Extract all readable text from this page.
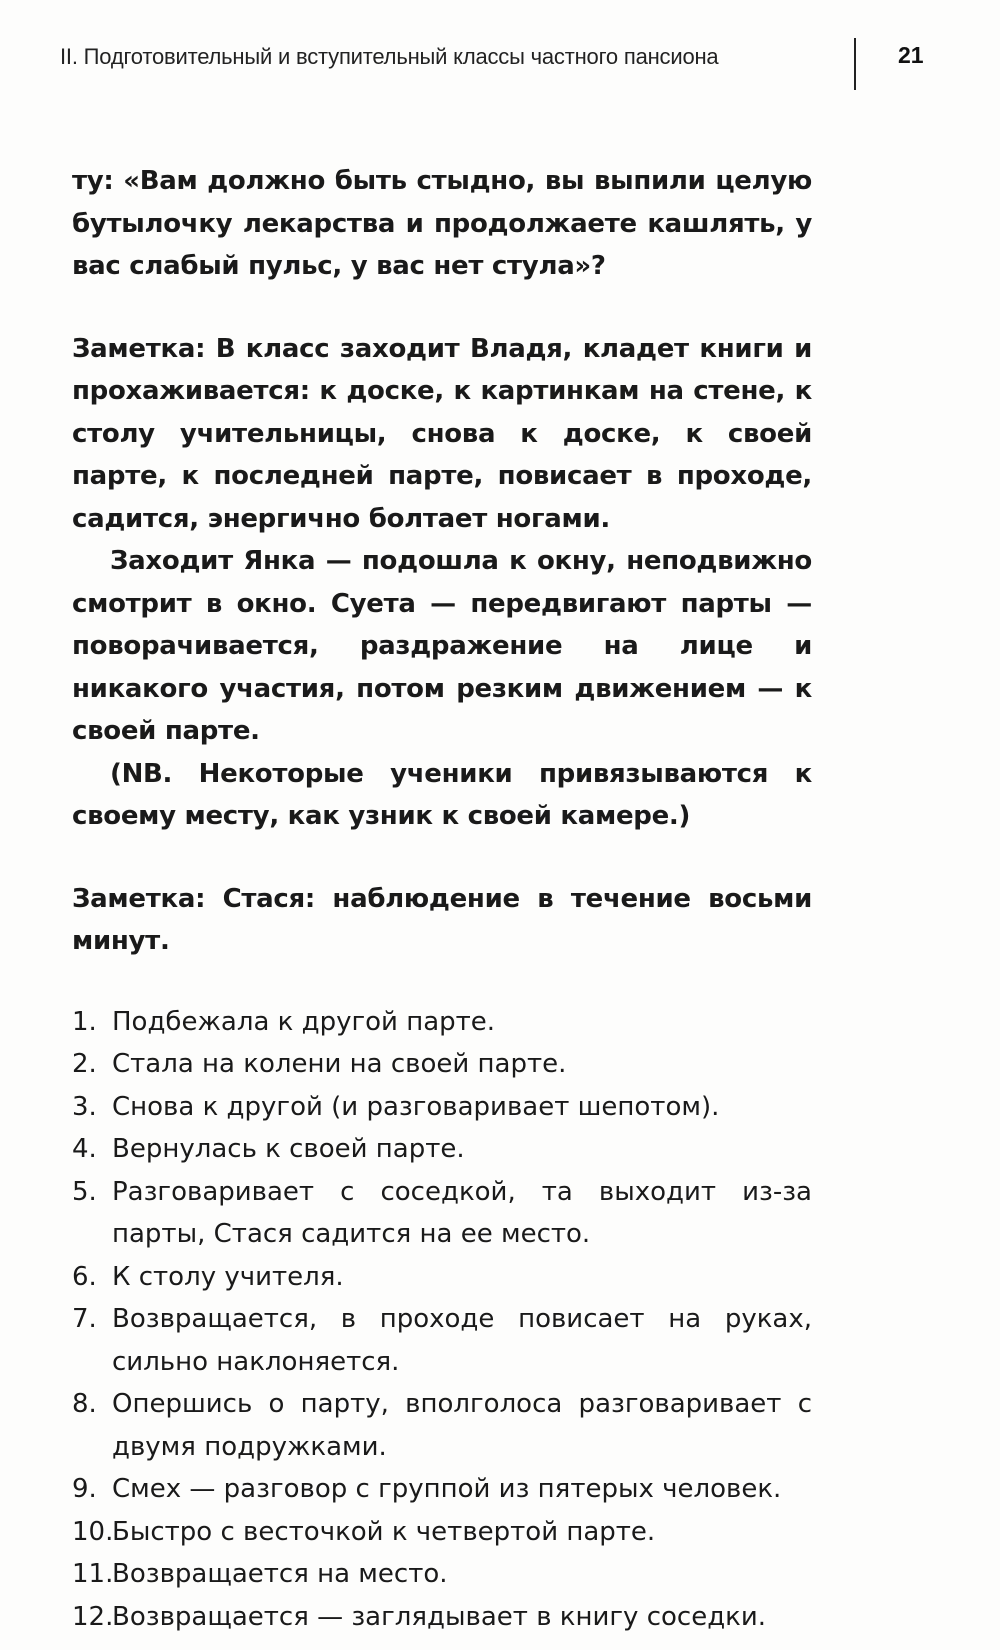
II. Подготовительный и вступительный классы частного пансиона	21

ту: «Вам должно быть стыдно, вы выпили целую бутылочку лекарства и продолжаете кашлять, у вас слабый пульс, у вас нет стула»?

Заметка: В класс заходит Владя, кладет книги и прохаживается: к доске, к картинкам на стене, к столу учительницы, снова к доске, к своей парте, к последней парте, повисает в проходе, садится, энергично болтает ногами.

Заходит Янка — подошла к окну, неподвижно смотрит в окно. Суета — передвигают парты — поворачивается, раздражение на лице и никакого участия, потом резким движением — к своей парте.

(NB. Некоторые ученики привязываются к своему месту, как узник к своей камере.)

Заметка: Стася: наблюдение в течение восьми минут.

1. Подбежала к другой парте.
2. Стала на колени на своей парте.
3. Снова к другой (и разговаривает шепотом).
4. Вернулась к своей парте.
5. Разговаривает с соседкой, та выходит из-за парты, Стася садится на ее место.
6. К столу учителя.
7. Возвращается, в проходе повисает на руках, сильно наклоняется.
8. Опершись о парту, вполголоса разговаривает с двумя подружками.
9. Смех — разговор с группой из пятерых человек.
10.
Быстро с весточкой к четвертой парте.
11.
Возвращается на место.
12.
Возвращается — заглядывает в книгу соседки.
